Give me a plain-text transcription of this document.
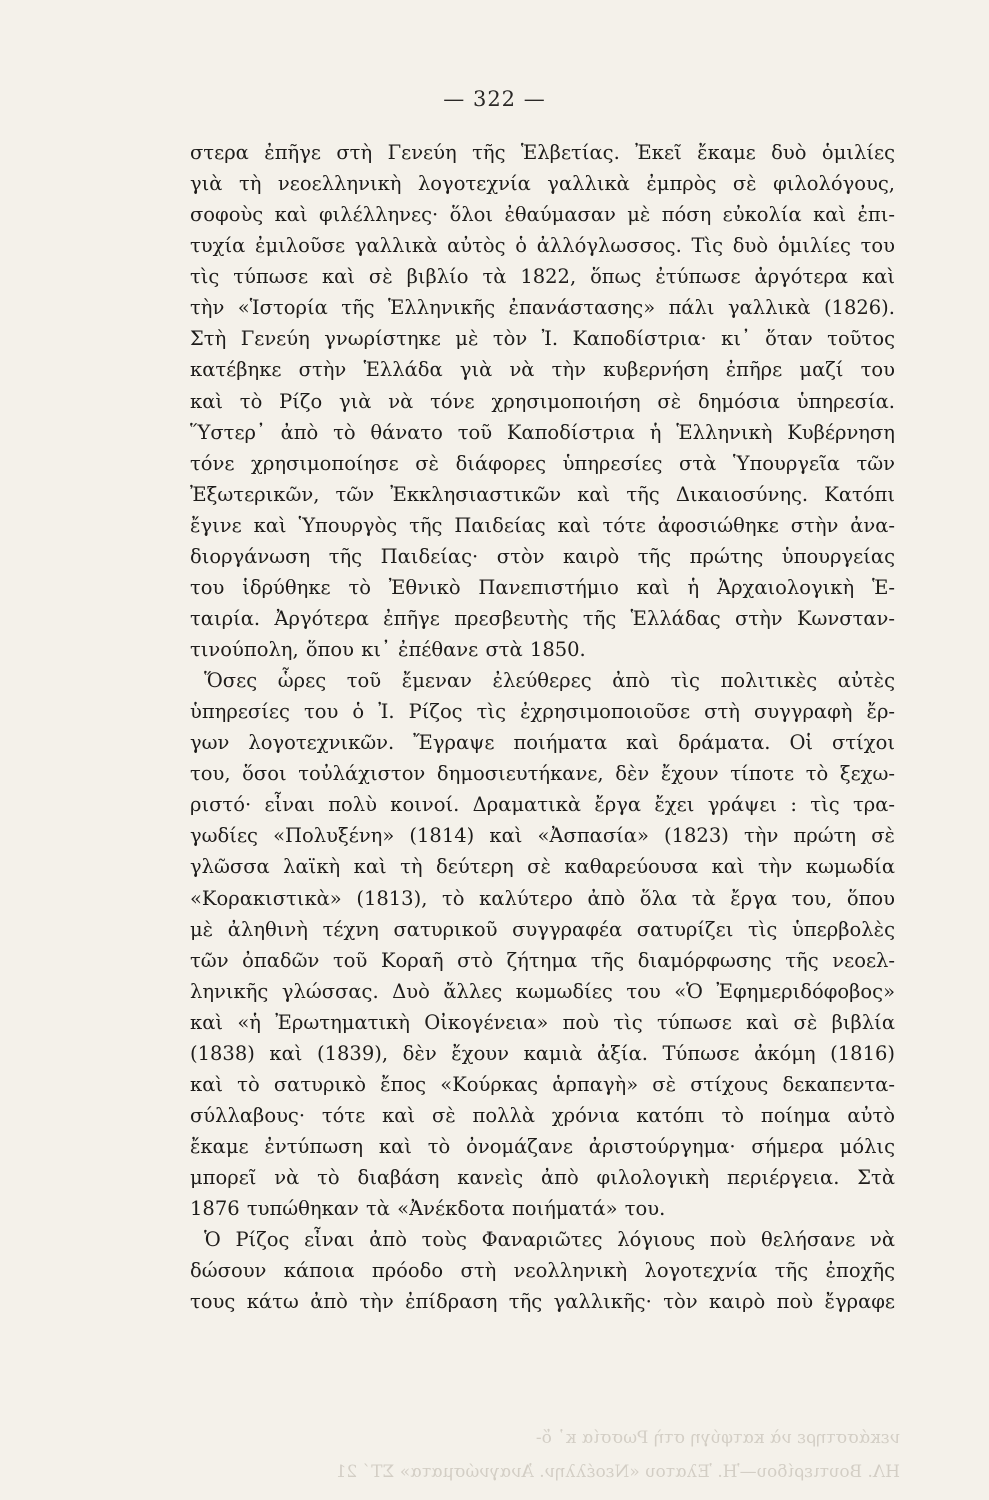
— 322 —
στερα ἐπῆγε στὴ Γενεύη τῆς Ἑλβετίας. Ἐκεῖ ἔκαμε δυὸ ὁμιλίες
γιὰ τὴ νεοελληνικὴ λογοτεχνία γαλλικὰ ἐμπρὸς σὲ φιλολόγους,
σοφοὺς καὶ φιλέλληνες· ὅλοι ἐθαύμασαν μὲ πόση εὐκολία καὶ ἐπι-
τυχία ἐμιλοῦσε γαλλικὰ αὐτὸς ὁ ἀλλόγλωσσος. Τὶς δυὸ ὁμιλίες του
τὶς τύπωσε καὶ σὲ βιβλίο τὰ 1822, ὅπως ἐτύπωσε ἀργότερα καὶ
τὴν «Ἱστορία τῆς Ἑλληνικῆς ἐπανάστασης» πάλι γαλλικὰ (1826).
Στὴ Γενεύη γνωρίστηκε μὲ τὸν Ἰ. Καποδίστρια· κι᾿ ὅταν τοῦτος
κατέβηκε στὴν Ἑλλάδα γιὰ νὰ τὴν κυβερνήση ἐπῆρε μαζί του
καὶ τὸ Ρίζο γιὰ νὰ τόνε χρησιμοποιήση σὲ δημόσια ὑπηρεσία.
Ὕστερ᾿ ἀπὸ τὸ θάνατο τοῦ Καποδίστρια ἡ Ἑλληνικὴ Κυβέρνηση
τόνε χρησιμοποίησε σὲ διάφορες ὑπηρεσίες στὰ Ὑπουργεῖα τῶν
Ἐξωτερικῶν, τῶν Ἐκκλησιαστικῶν καὶ τῆς Δικαιοσύνης. Κατόπι
ἔγινε καὶ Ὑπουργὸς τῆς Παιδείας καὶ τότε ἀφοσιώθηκε στὴν ἀνα-
διοργάνωση τῆς Παιδείας· στὸν καιρὸ τῆς πρώτης ὑπουργείας
του ἱδρύθηκε τὸ Ἐθνικὸ Πανεπιστήμιο καὶ ἡ Ἀρχαιολογικὴ Ἑ-
ταιρία. Ἀργότερα ἐπῆγε πρεσβευτὴς τῆς Ἑλλάδας στὴν Κωνσταν-
τινούπολη, ὅπου κι᾿ ἐπέθανε στὰ 1850.
Ὅσες ὧρες τοῦ ἔμεναν ἐλεύθερες ἀπὸ τὶς πολιτικὲς αὐτὲς
ὑπηρεσίες του ὁ Ἰ. Ρίζος τὶς ἐχρησιμοποιοῦσε στὴ συγγραφὴ ἔρ-
γων λογοτεχνικῶν. Ἔγραψε ποιήματα καὶ δράματα. Οἱ στίχοι
του, ὅσοι τοὐλάχιστον δημοσιευτήκανε, δὲν ἔχουν τίποτε τὸ ξεχω-
ριστό· εἶναι πολὺ κοινοί. Δραματικὰ ἔργα ἔχει γράψει : τὶς τρα-
γωδίες «Πολυξένη» (1814) καὶ «Ἀσπασία» (1823) τὴν πρώτη σὲ
γλῶσσα λαϊκὴ καὶ τὴ δεύτερη σὲ καθαρεύουσα καὶ τὴν κωμωδία
«Κορακιστικὰ» (1813), τὸ καλύτερο ἀπὸ ὅλα τὰ ἔργα του, ὅπου
μὲ ἀληθινὴ τέχνη σατυρικοῦ συγγραφέα σατυρίζει τὶς ὑπερβολὲς
τῶν ὀπαδῶν τοῦ Κοραῆ στὸ ζήτημα τῆς διαμόρφωσης τῆς νεοελ-
ληνικῆς γλώσσας. Δυὸ ἄλλες κωμωδίες του «Ὁ Ἐφημεριδόφοβος»
καὶ «ἡ Ἐρωτηματικὴ Οἰκογένεια» ποὺ τὶς τύπωσε καὶ σὲ βιβλία
(1838) καὶ (1839), δὲν ἔχουν καμιὰ ἀξία. Τύπωσε ἀκόμη (1816)
καὶ τὸ σατυρικὸ ἔπος «Κούρκας ἁρπαγὴ» σὲ στίχους δεκαπεντα-
σύλλαβους· τότε καὶ σὲ πολλὰ χρόνια κατόπι τὸ ποίημα αὐτὸ
ἔκαμε ἐντύπωση καὶ τὸ ὀνομάζανε ἀριστούργημα· σήμερα μόλις
μπορεῖ νὰ τὸ διαβάση κανεὶς ἀπὸ φιλολογικὴ περιέργεια. Στὰ
1876 τυπώθηκαν τὰ «Ἀνέκδοτα ποιήματά» του.
Ὁ Ρίζος εἶναι ἀπὸ τοὺς Φαναριῶτες λόγιους ποὺ θελήσανε νὰ
δώσουν κάποια πρόοδο στὴ νεολληνικὴ λογοτεχνία τῆς ἐποχῆς
τους κάτω ἀπὸ τὴν ἐπίδραση τῆς γαλλικῆς· τὸν καιρὸ ποὺ ἔγραφε
νεκάσστηρε νὰ κατφύγη στὴ Ρωσσία κ᾿ ὅ-
ΗΛ. Βουτιερίδου—Ἠ. Ἐλατου «Νεοέλλην. Ἀναγνώσματα» ΣΤ΄ 21
